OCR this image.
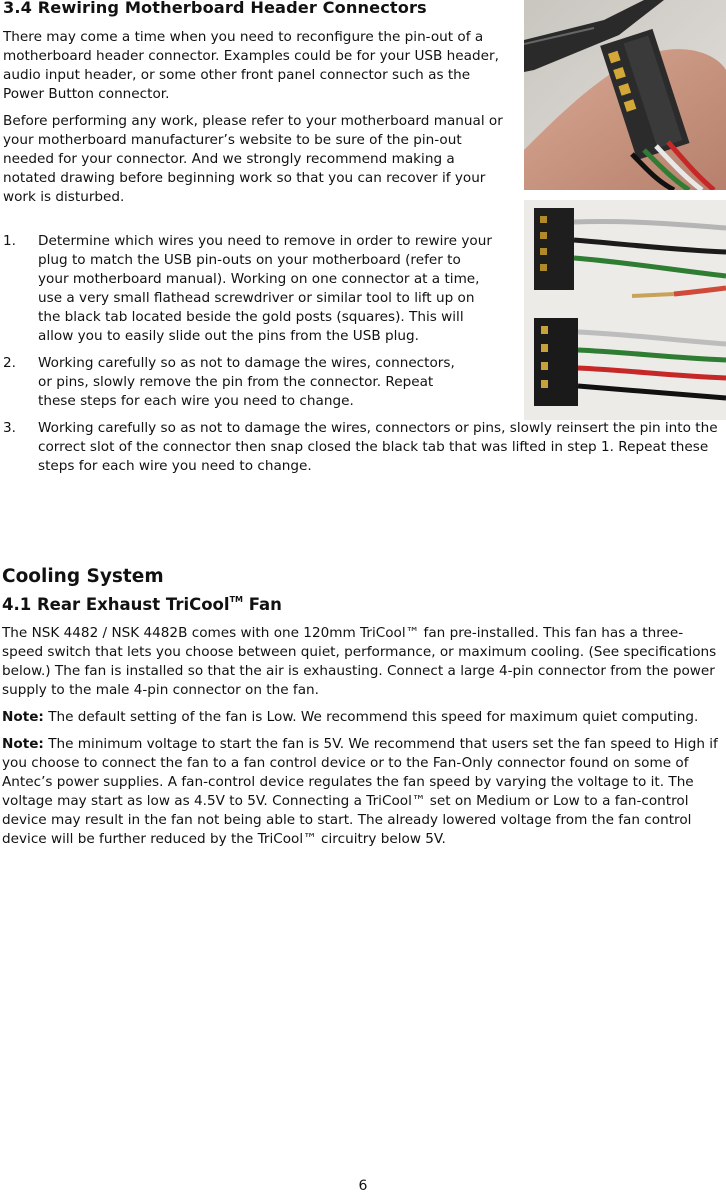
3.4 Rewiring Motherboard Header Connectors

There may come a time when you need to reconfigure the pin-out of a motherboard header connector. Examples could be for your USB header, audio input header, or some other front panel connector such as the Power Button connector.

Before performing any work, please refer to your motherboard manual or your motherboard manufacturer’s website to be sure of the pin-out needed for your connector. And we strongly recommend making a notated drawing before beginning work so that you can recover if your work is disturbed.

1. Determine which wires you need to remove in order to rewire your plug to match the USB pin-outs on your motherboard (refer to your motherboard manual). Working on one connector at a time, use a very small flathead screwdriver or similar tool to lift up on the black tab located beside the gold posts (squares). This will allow you to easily slide out the pins from the USB plug.

2. Working carefully so as not to damage the wires, connectors, or pins, slowly remove the pin from the connector. Repeat these steps for each wire you need to change.

3. Working carefully so as not to damage the wires, connectors or pins, slowly reinsert the pin into the correct slot of the connector then snap closed the black tab that was lifted in step 1. Repeat these steps for each wire you need to change.

Cooling System
4.1 Rear Exhaust TriCool™ Fan

The NSK 4482 / NSK 4482B comes with one 120mm TriCool™ fan pre-installed. This fan has a three-speed switch that lets you choose between quiet, performance, or maximum cooling. (See specifications below.) The fan is installed so that the air is exhausting. Connect a large 4-pin connector from the power supply to the male 4-pin connector on the fan.

Note: The default setting of the fan is Low. We recommend this speed for maximum quiet computing.

Note: The minimum voltage to start the fan is 5V. We recommend that users set the fan speed to High if you choose to connect the fan to a fan control device or to the Fan-Only connector found on some of Antec’s power supplies. A fan-control device regulates the fan speed by varying the voltage to it. The voltage may start as low as 4.5V to 5V. Connecting a TriCool™ set on Medium or Low to a fan-control device may result in the fan not being able to start. The already lowered voltage from the fan control device will be further reduced by the TriCool™ circuitry below 5V.

6
